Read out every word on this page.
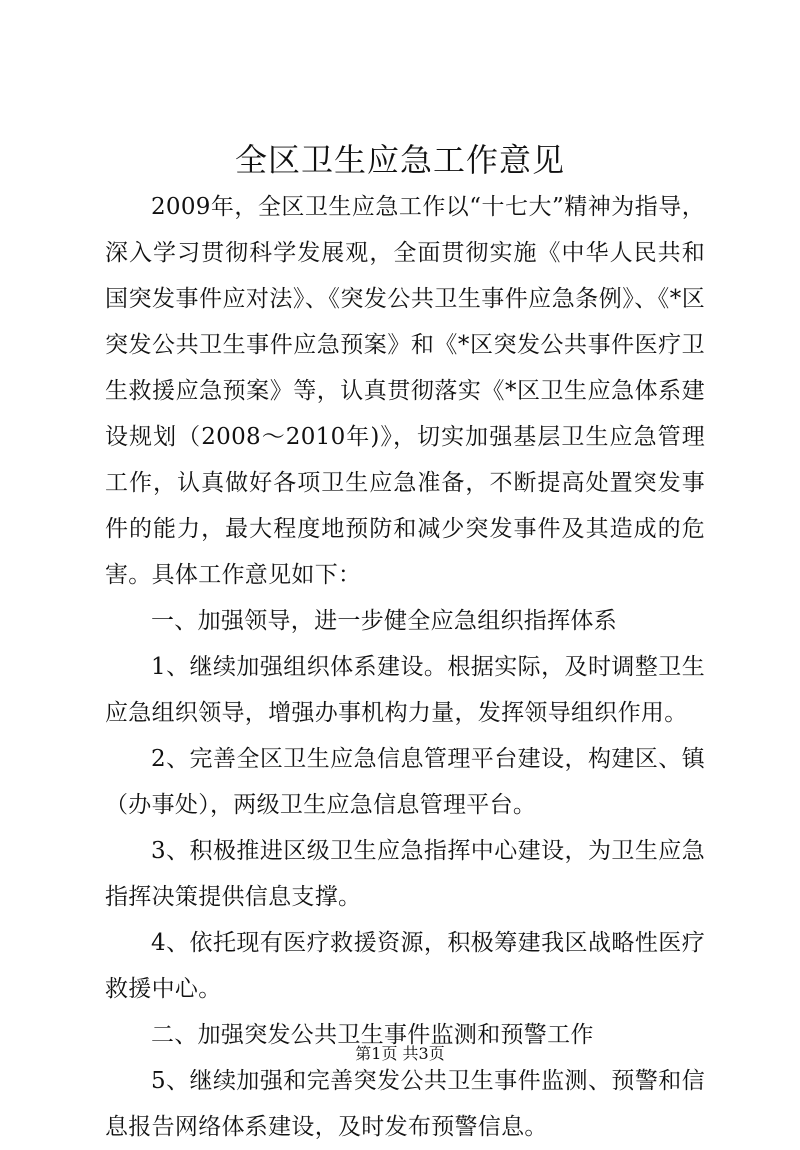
全区卫生应急工作意见

2009年，全区卫生应急工作以“十七大”精神为指导，深入学习贯彻科学发展观，全面贯彻实施《中华人民共和国突发事件应对法》、《突发公共卫生事件应急条例》、《*区突发公共卫生事件应急预案》和《*区突发公共事件医疗卫生救援应急预案》等，认真贯彻落实《*区卫生应急体系建设规划（2008～2010年)》，切实加强基层卫生应急管理工作，认真做好各项卫生应急准备，不断提高处置突发事件的能力，最大程度地预防和减少突发事件及其造成的危害。具体工作意见如下：

一、加强领导，进一步健全应急组织指挥体系

1、继续加强组织体系建设。根据实际，及时调整卫生应急组织领导，增强办事机构力量，发挥领导组织作用。

2、完善全区卫生应急信息管理平台建设，构建区、镇（办事处），两级卫生应急信息管理平台。

3、积极推进区级卫生应急指挥中心建设，为卫生应急指挥决策提供信息支撑。

4、依托现有医疗救援资源，积极筹建我区战略性医疗救援中心。

二、加强突发公共卫生事件监测和预警工作

5、继续加强和完善突发公共卫生事件监测、预警和信息报告网络体系建设，及时发布预警信息。

第1页 共3页
